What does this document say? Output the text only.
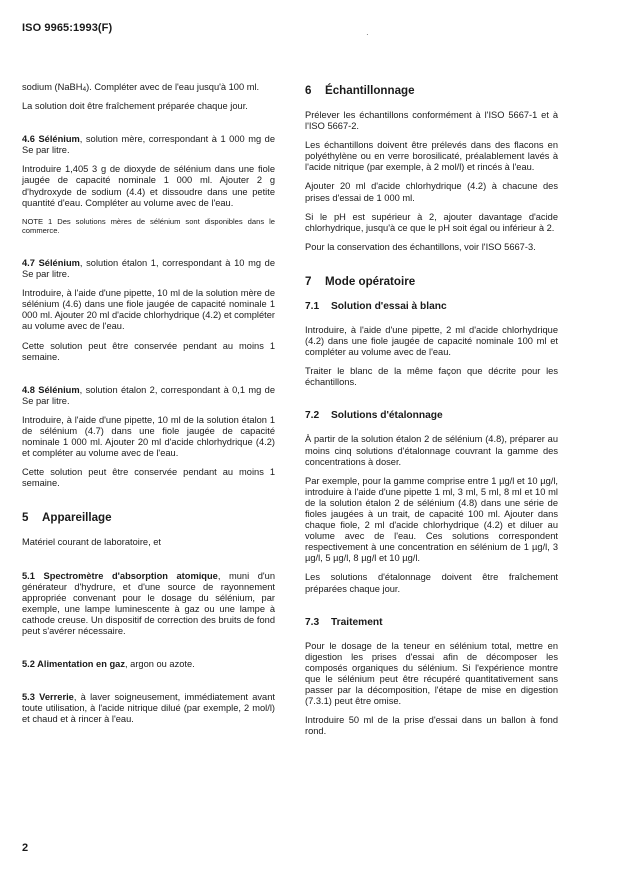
ISO 9965:1993(F)
·

sodium (NaBH$_4$). Compléter avec de l'eau jusqu'à 100 ml.

La solution doit être fraîchement préparée chaque jour.

4.6 Sélénium, solution mère, correspondant à 1 000 mg de Se par litre.

Introduire 1,405 3 g de dioxyde de sélénium dans une fiole jaugée de capacité nominale 1 000 ml. Ajouter 2 g d'hydroxyde de sodium (4.4) et dissoudre dans une petite quantité d'eau. Compléter au volume avec de l'eau.

NOTE 1 Des solutions mères de sélénium sont disponibles dans le commerce.

4.7 Sélénium, solution étalon 1, correspondant à 10 mg de Se par litre.

Introduire, à l'aide d'une pipette, 10 ml de la solution mère de sélénium (4.6) dans une fiole jaugée de capacité nominale 1 000 ml. Ajouter 20 ml d'acide chlorhydrique (4.2) et compléter au volume avec de l'eau.

Cette solution peut être conservée pendant au moins 1 semaine.

4.8 Sélénium, solution étalon 2, correspondant à 0,1 mg de Se par litre.

Introduire, à l'aide d'une pipette, 10 ml de la solution étalon 1 de sélénium (4.7) dans une fiole jaugée de capacité nominale 1 000 ml. Ajouter 20 ml d'acide chlorhydrique (4.2) et compléter au volume avec de l'eau.

Cette solution peut être conservée pendant au moins 1 semaine.

5 Appareillage

Matériel courant de laboratoire, et

5.1 Spectromètre d'absorption atomique, muni d'un générateur d'hydrure, et d'une source de rayonnement appropriée convenant pour le dosage du sélénium, par exemple, une lampe luminescente à gaz ou une lampe à cathode creuse. Un dispositif de correction des bruits de fond peut s'avérer nécessaire.

5.2 Alimentation en gaz, argon ou azote.

5.3 Verrerie, à laver soigneusement, immédiatement avant toute utilisation, à l'acide nitrique dilué (par exemple, 2 mol/l) et chaud et à rincer à l'eau.

6 Échantillonnage

Prélever les échantillons conformément à l'ISO 5667-1 et à l'ISO 5667-2.

Les échantillons doivent être prélevés dans des flacons en polyéthylène ou en verre borosilicaté, préalablement lavés à l'acide nitrique (par exemple, à 2 mol/l) et rincés à l'eau.

Ajouter 20 ml d'acide chlorhydrique (4.2) à chacune des prises d'essai de 1 000 ml.

Si le pH est supérieur à 2, ajouter davantage d'acide chlorhydrique, jusqu'à ce que le pH soit égal ou inférieur à 2.

Pour la conservation des échantillons, voir l'ISO 5667-3.

7 Mode opératoire
7.1 Solution d'essai à blanc

Introduire, à l'aide d'une pipette, 2 ml d'acide chlorhydrique (4.2) dans une fiole jaugée de capacité nominale 100 ml et compléter au volume avec de l'eau.

Traiter le blanc de la même façon que décrite pour les échantillons.

7.2 Solutions d'étalonnage

À partir de la solution étalon 2 de sélénium (4.8), préparer au moins cinq solutions d'étalonnage couvrant la gamme des concentrations à doser.

Par exemple, pour la gamme comprise entre 1 µg/l et 10 µg/l, introduire à l'aide d'une pipette 1 ml, 3 ml, 5 ml, 8 ml et 10 ml de la solution étalon 2 de sélénium (4.8) dans une série de fioles jaugées à un trait, de capacité 100 ml. Ajouter dans chaque fiole, 2 ml d'acide chlorhydrique (4.2) et diluer au volume avec de l'eau. Ces solutions correspondent respectivement à une concentration en sélénium de 1 µg/l, 3 µg/l, 5 µg/l, 8 µg/l et 10 µg/l.

Les solutions d'étalonnage doivent être fraîchement préparées chaque jour.

7.3 Traitement

Pour le dosage de la teneur en sélénium total, mettre en digestion les prises d'essai afin de décomposer les composés organiques du sélénium. Si l'expérience montre que le sélénium peut être récupéré quantitativement sans passer par la décomposition, l'étape de mise en digestion (7.3.1) peut être omise.

Introduire 50 ml de la prise d'essai dans un ballon à fond rond.

2
